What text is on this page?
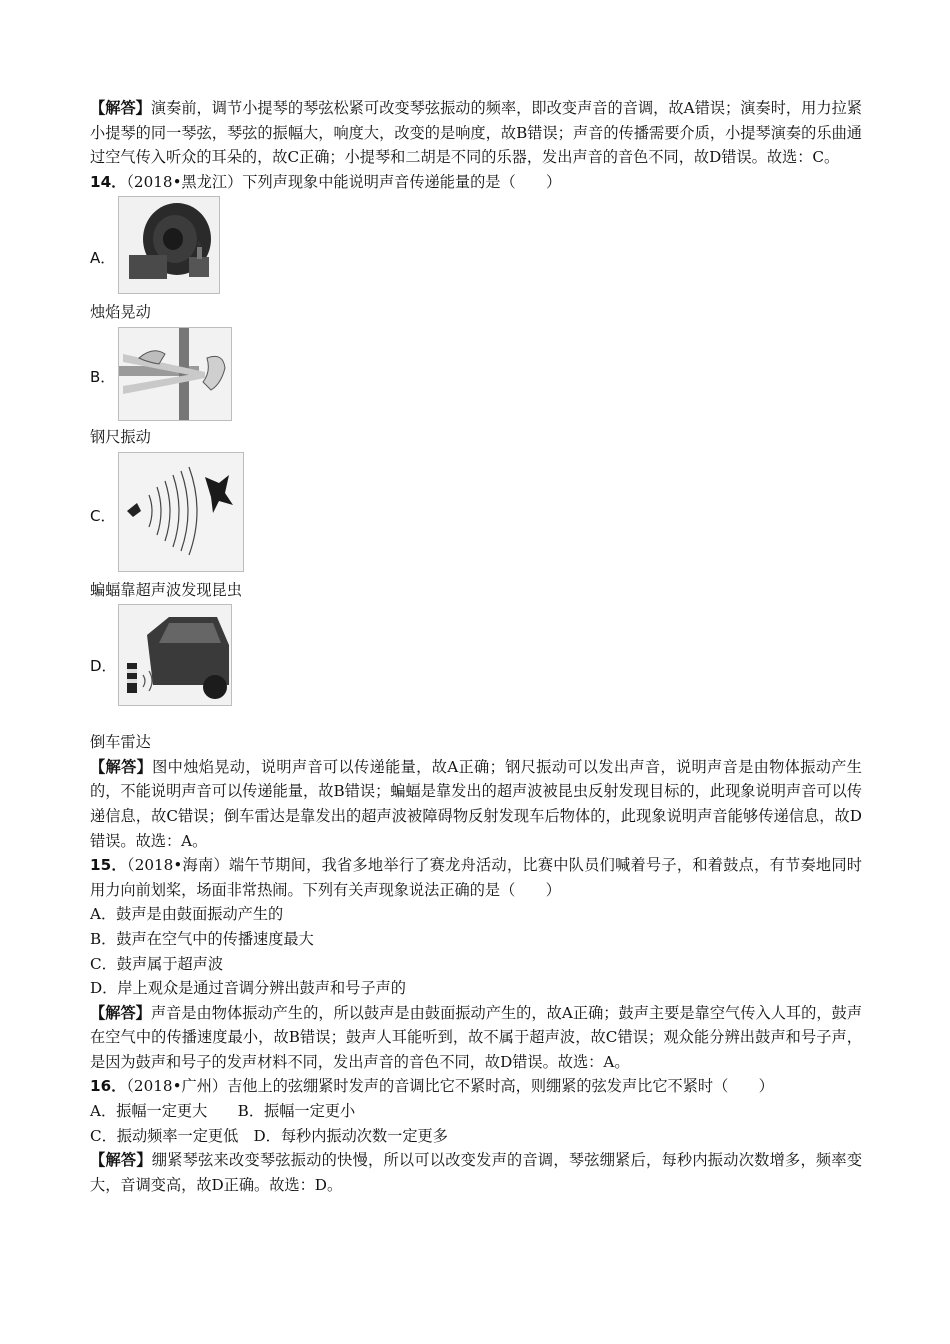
【解答】演奏前，调节小提琴的琴弦松紧可改变琴弦振动的频率，即改变声音的音调，故A错误；演奏时，用力拉紧小提琴的同一琴弦，琴弦的振幅大，响度大，改变的是响度，故B错误；声音的传播需要介质，小提琴演奏的乐曲通过空气传入听众的耳朵的，故C正确；小提琴和二胡是不同的乐器，发出声音的音色不同，故D错误。故选：C。

14．（2018•黑龙江）下列声现象中能说明声音传递能量的是（　　）

A．

烛焰晃动

B．

钢尺振动

C．

蝙蝠靠超声波发现昆虫

D．

倒车雷达

【解答】图中烛焰晃动，说明声音可以传递能量，故A正确；钢尺振动可以发出声音，说明声音是由物体振动产生的，不能说明声音可以传递能量，故B错误；蝙蝠是靠发出的超声波被昆虫反射发现目标的，此现象说明声音可以传递信息，故C错误；倒车雷达是靠发出的超声波被障碍物反射发现车后物体的，此现象说明声音能够传递信息，故D错误。故选：A。

15．（2018•海南）端午节期间，我省多地举行了赛龙舟活动，比赛中队员们喊着号子，和着鼓点，有节奏地同时用力向前划桨，场面非常热闹。下列有关声现象说法正确的是（　　）

A．鼓声是由鼓面振动产生的

B．鼓声在空气中的传播速度最大

C．鼓声属于超声波

D．岸上观众是通过音调分辨出鼓声和号子声的

【解答】声音是由物体振动产生的，所以鼓声是由鼓面振动产生的，故A正确；鼓声主要是靠空气传入人耳的，鼓声在空气中的传播速度最小，故B错误；鼓声人耳能听到，故不属于超声波，故C错误；观众能分辨出鼓声和号子声，是因为鼓声和号子的发声材料不同，发出声音的音色不同，故D错误。故选：A。

16．（2018•广州）吉他上的弦绷紧时发声的音调比它不紧时高，则绷紧的弦发声比它不紧时（　　）

A．振幅一定更大　　B．振幅一定更小

C．振动频率一定更低　D．每秒内振动次数一定更多

【解答】绷紧琴弦来改变琴弦振动的快慢，所以可以改变发声的音调，琴弦绷紧后，每秒内振动次数增多，频率变大，音调变高，故D正确。故选：D。
